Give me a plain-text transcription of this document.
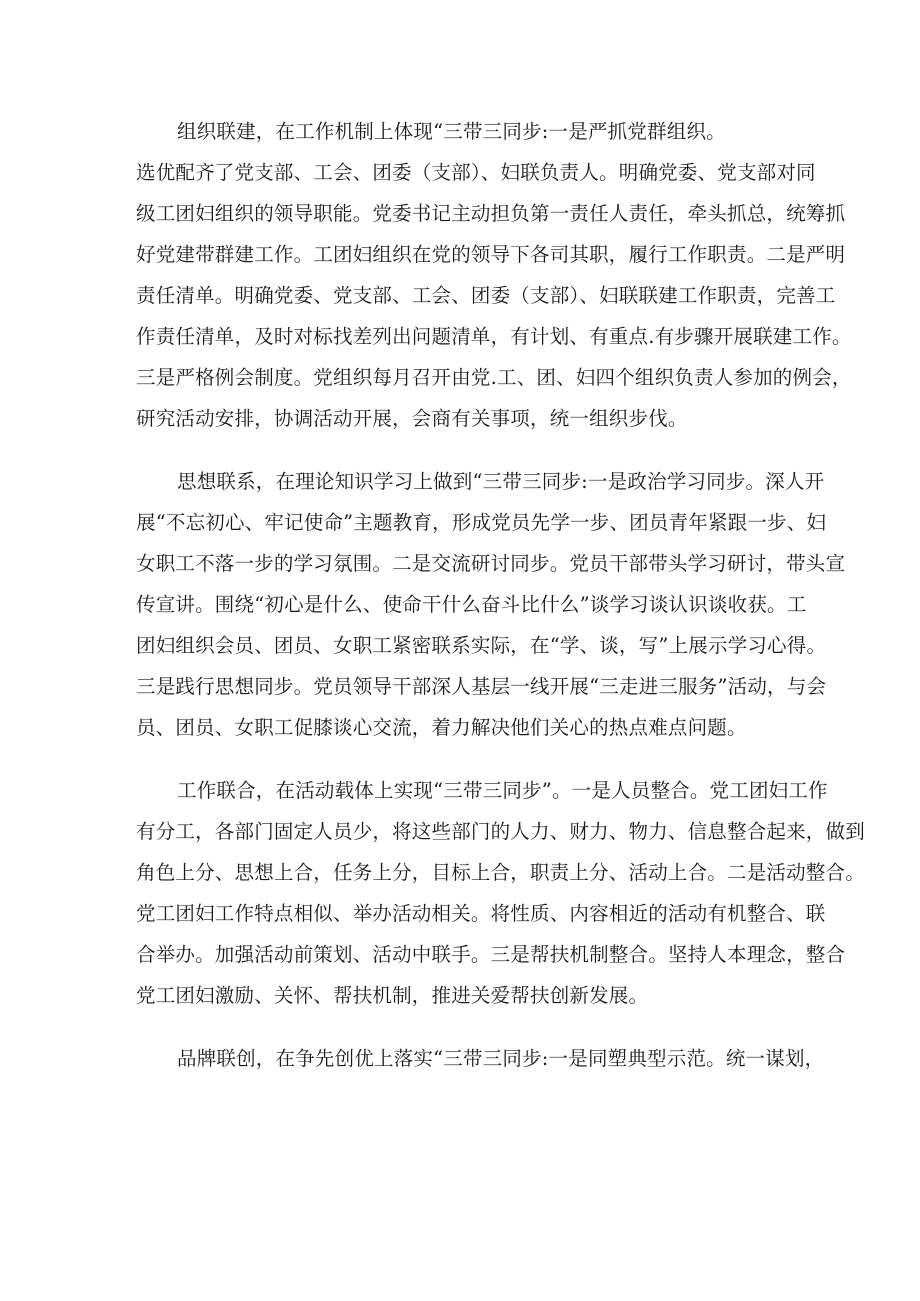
组织联建，在工作机制上体现“三带三同步:一是严抓党群组织。
选优配齐了党支部、工会、团委（支部）、妇联负责人。明确党委、党支部对同
级工团妇组织的领导职能。党委书记主动担负第一责任人责任，牵头抓总，统筹抓
好党建带群建工作。工团妇组织在党的领导下各司其职，履行工作职责。二是严明
责任清单。明确党委、党支部、工会、团委（支部）、妇联联建工作职责，完善工
作责任清单，及时对标找差列出问题清单，有计划、有重点.有步骤开展联建工作。
三是严格例会制度。党组织每月召开由党.工、团、妇四个组织负责人参加的例会，
研究活动安排，协调活动开展，会商有关事项，统一组织步伐。
思想联系，在理论知识学习上做到“三带三同步:一是政治学习同步。深人开
展“不忘初心、牢记使命”主题教育，形成党员先学一步、团员青年紧跟一步、妇
女职工不落一步的学习氛围。二是交流研讨同步。党员干部带头学习研讨，带头宣
传宣讲。围绕“初心是什么、使命干什么奋斗比什么”谈学习谈认识谈收获。工
团妇组织会员、团员、女职工紧密联系实际，在“学、谈，写”上展示学习心得。
三是践行思想同步。党员领导干部深人基层一线开展“三走进三服务”活动，与会
员、团员、女职工促膝谈心交流，着力解决他们关心的热点难点问题。
工作联合，在活动载体上实现“三带三同步”。一是人员整合。党工团妇工作
有分工，各部门固定人员少，将这些部门的人力、财力、物力、信息整合起来，做到
角色上分、思想上合，任务上分，目标上合，职责上分、活动上合。二是活动整合。
党工团妇工作特点相似、举办活动相关。将性质、内容相近的活动有机整合、联
合举办。加强活动前策划、活动中联手。三是帮扶机制整合。坚持人本理念，整合
党工团妇激励、关怀、帮扶机制，推进关爱帮扶创新发展。
品牌联创，在争先创优上落实“三带三同步:一是同塑典型示范。统一谋划，
